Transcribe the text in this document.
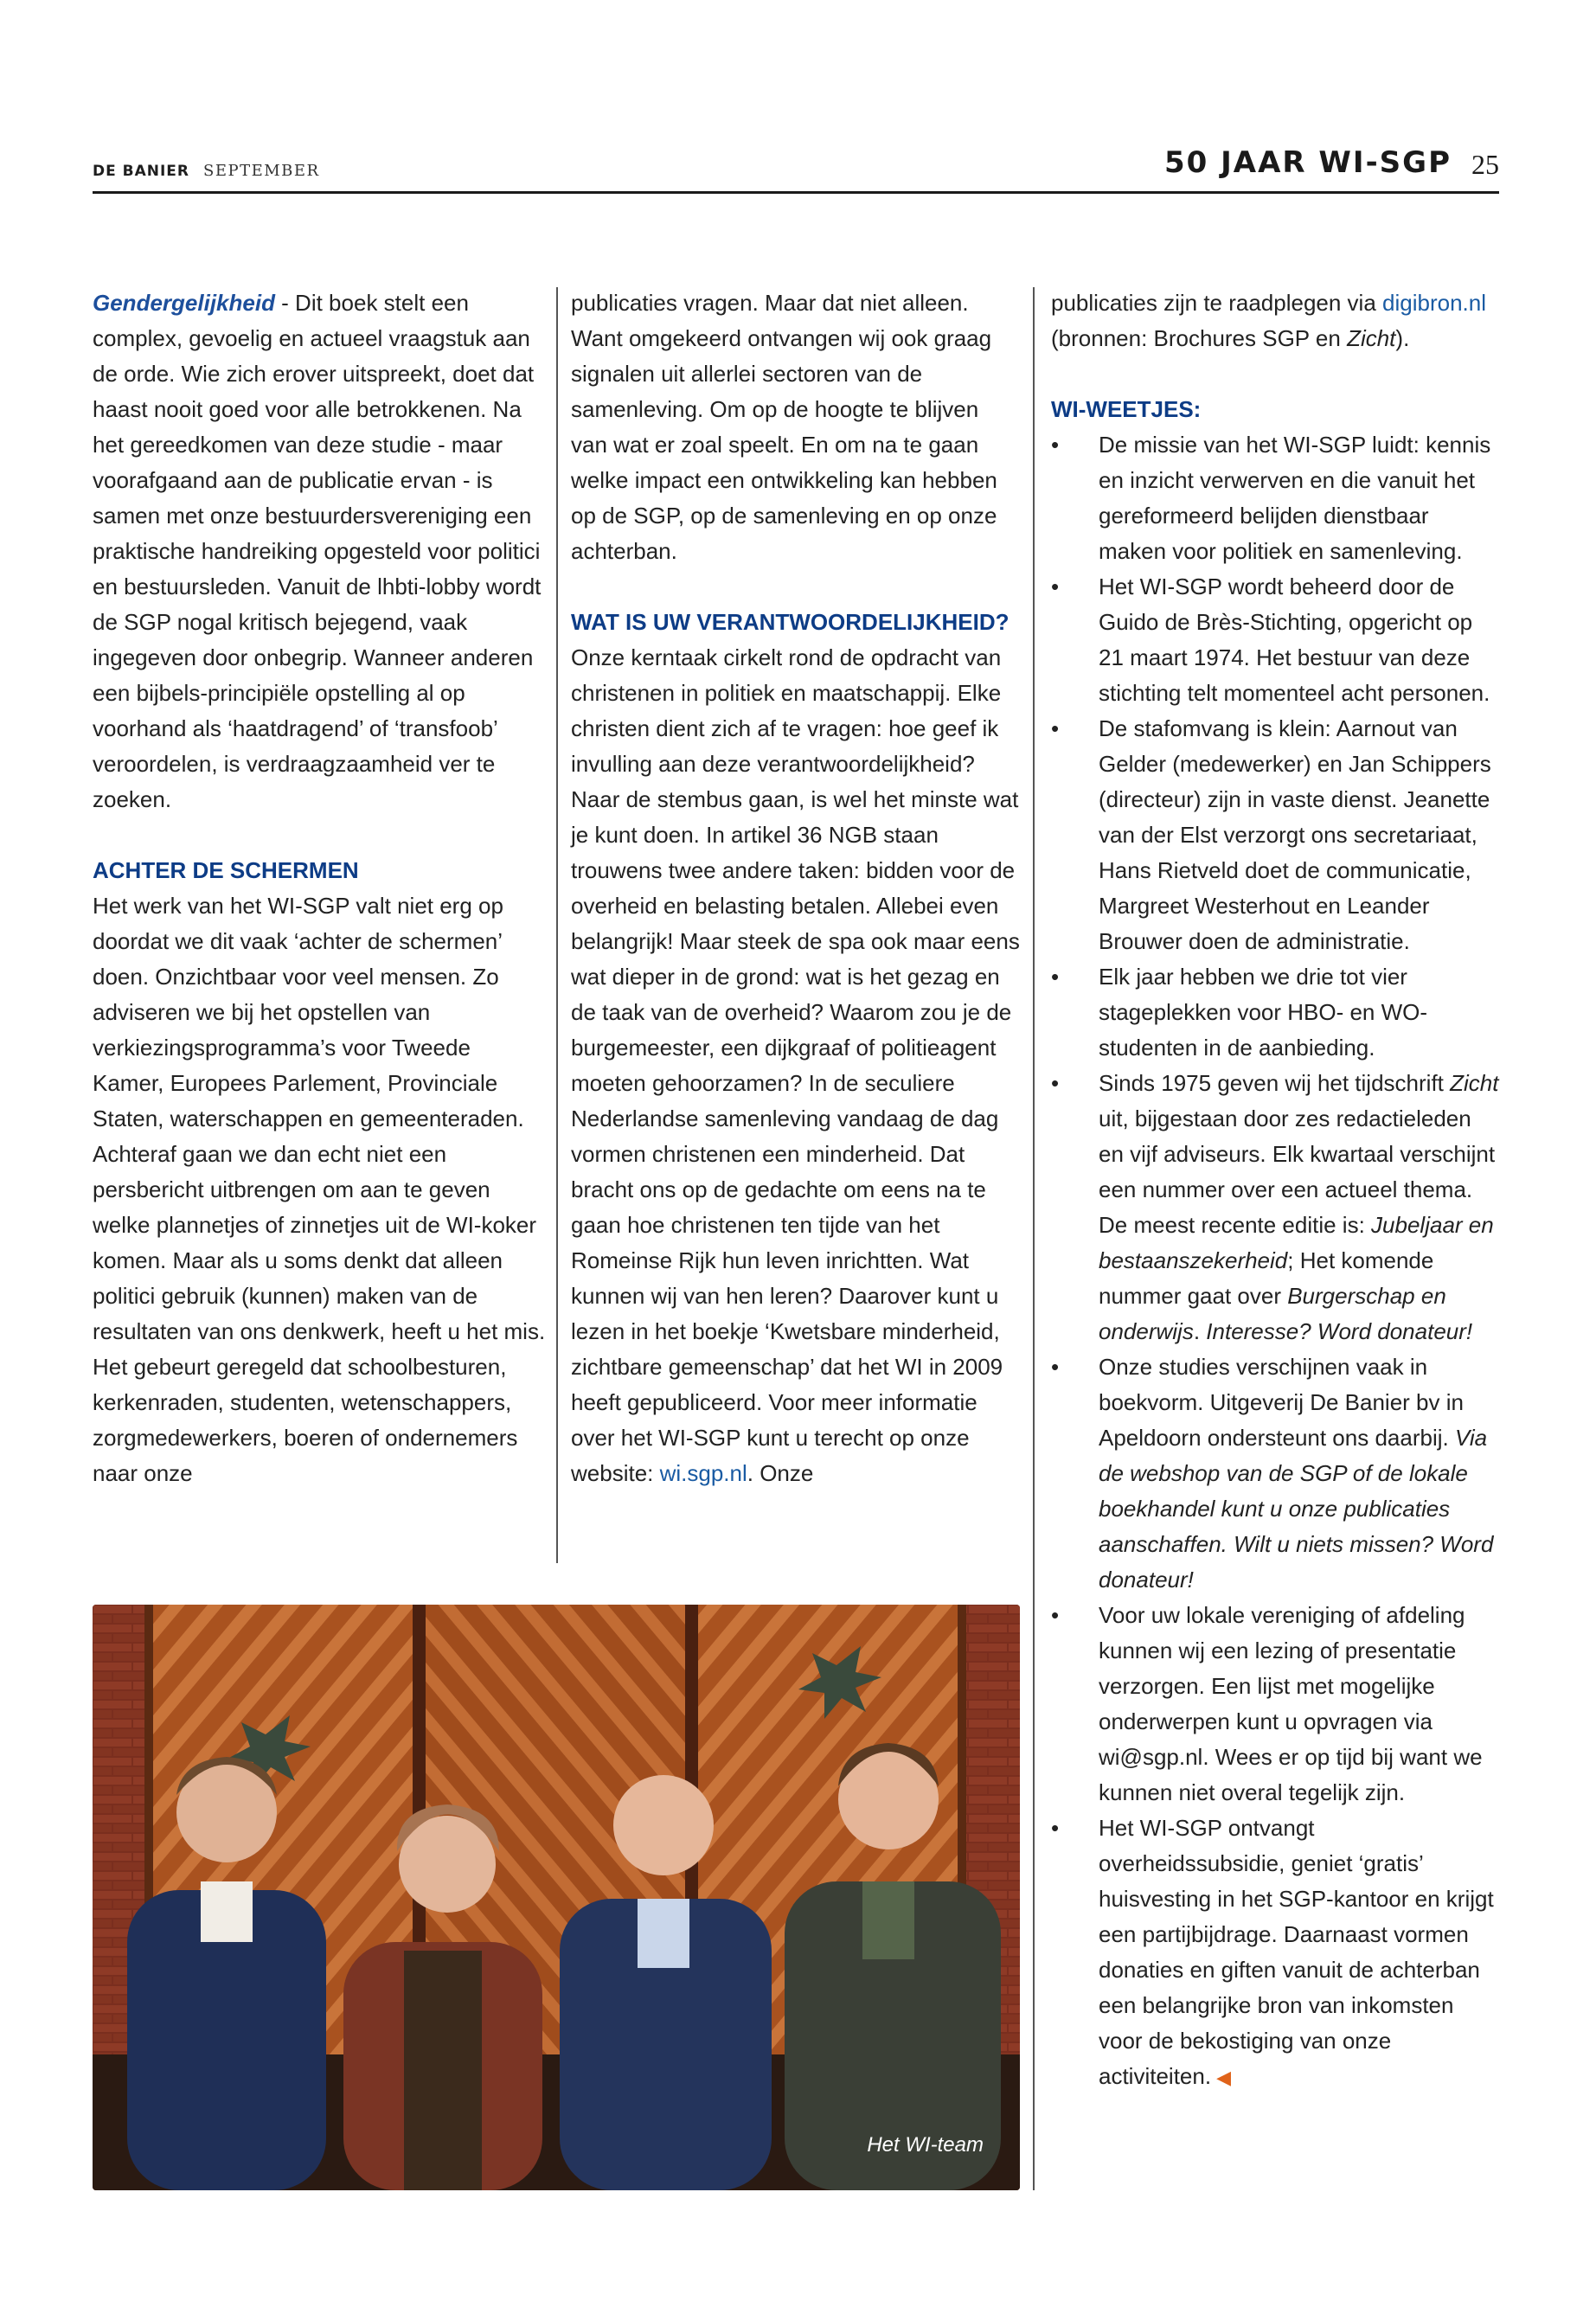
DE BANIER SEPTEMBER	50 JAAR WI-SGP 25

Gendergelijkheid - Dit boek stelt een complex, gevoelig en actueel vraagstuk aan de orde. Wie zich erover uitspreekt, doet dat haast nooit goed voor alle betrokkenen. Na het gereedkomen van deze studie - maar voorafgaand aan de publicatie ervan - is samen met onze bestuurdersvereniging een praktische handreiking opgesteld voor politici en bestuursleden. Vanuit de lhbti-lobby wordt de SGP nogal kritisch bejegend, vaak ingegeven door onbegrip. Wanneer anderen een bijbels-principiële opstelling al op voorhand als ‘haatdragend’ of ‘transfoob’ veroordelen, is verdraagzaamheid ver te zoeken.

ACHTER DE SCHERMEN

Het werk van het WI-SGP valt niet erg op doordat we dit vaak ‘achter de schermen’ doen. Onzichtbaar voor veel mensen. Zo adviseren we bij het opstellen van verkiezingsprogramma’s voor Tweede Kamer, Europees Parlement, Provinciale Staten, waterschappen en gemeenteraden. Achteraf gaan we dan echt niet een persbericht uitbrengen om aan te geven welke plannetjes of zinnetjes uit de WI-koker komen. Maar als u soms denkt dat alleen politici gebruik (kunnen) maken van de resultaten van ons denkwerk, heeft u het mis. Het gebeurt geregeld dat schoolbesturen, kerkenraden, studenten, wetenschappers, zorgmedewerkers, boeren of ondernemers naar onze

publicaties vragen. Maar dat niet alleen. Want omgekeerd ontvangen wij ook graag signalen uit allerlei sectoren van de samenleving. Om op de hoogte te blijven van wat er zoal speelt. En om na te gaan welke impact een ontwikkeling kan hebben op de SGP, op de samenleving en op onze achterban.

WAT IS UW VERANTWOORDELIJKHEID?

Onze kerntaak cirkelt rond de opdracht van christenen in politiek en maatschappij. Elke christen dient zich af te vragen: hoe geef ik invulling aan deze verantwoordelijkheid? Naar de stembus gaan, is wel het minste wat je kunt doen. In artikel 36 NGB staan trouwens twee andere taken: bidden voor de overheid en belasting betalen. Allebei even belangrijk! Maar steek de spa ook maar eens wat dieper in de grond: wat is het gezag en de taak van de overheid? Waarom zou je de burgemeester, een dijkgraaf of politieagent moeten gehoorzamen? In de seculiere Nederlandse samenleving vandaag de dag vormen christenen een minderheid. Dat bracht ons op de gedachte om eens na te gaan hoe christenen ten tijde van het Romeinse Rijk hun leven inrichtten. Wat kunnen wij van hen leren? Daarover kunt u lezen in het boekje ‘Kwetsbare minderheid, zichtbare gemeenschap’ dat het WI in 2009 heeft gepubliceerd. Voor meer informatie over het WI-SGP kunt u terecht op onze website: wi.sgp.nl. Onze

publicaties zijn te raadplegen via digibron.nl (bronnen: Brochures SGP en Zicht).

WI-WEETJES:

• De missie van het WI-SGP luidt: kennis en inzicht verwerven en die vanuit het gereformeerd belijden dienstbaar maken voor politiek en samenleving.
• Het WI-SGP wordt beheerd door de Guido de Brès-Stichting, opgericht op 21 maart 1974. Het bestuur van deze stichting telt momenteel acht personen.
• De stafomvang is klein: Aarnout van Gelder (medewerker) en Jan Schippers (directeur) zijn in vaste dienst. Jeanette van der Elst verzorgt ons secretariaat, Hans Rietveld doet de communicatie, Margreet Westerhout en Leander Brouwer doen de administratie.
• Elk jaar hebben we drie tot vier stageplekken voor HBO- en WO-studenten in de aanbieding.
• Sinds 1975 geven wij het tijdschrift Zicht uit, bijgestaan door zes redactieleden en vijf adviseurs. Elk kwartaal verschijnt een nummer over een actueel thema. De meest recente editie is: Jubeljaar en bestaanszekerheid; Het komende nummer gaat over Burgerschap en onderwijs. Interesse? Word donateur!
• Onze studies verschijnen vaak in boekvorm. Uitgeverij De Banier bv in Apeldoorn ondersteunt ons daarbij. Via de webshop van de SGP of de lokale boekhandel kunt u onze publicaties aanschaffen. Wilt u niets missen? Word donateur!
• Voor uw lokale vereniging of afdeling kunnen wij een lezing of presentatie verzorgen. Een lijst met mogelijke onderwerpen kunt u opvragen via wi@sgp.nl. Wees er op tijd bij want we kunnen niet overal tegelijk zijn.
• Het WI-SGP ontvangt overheidssubsidie, geniet ‘gratis’ huisvesting in het SGP-kantoor en krijgt een partijbijdrage. Daarnaast vormen donaties en giften vanuit de achterban een belangrijke bron van inkomsten voor de bekostiging van onze activiteiten. ◀
Het WI-team
